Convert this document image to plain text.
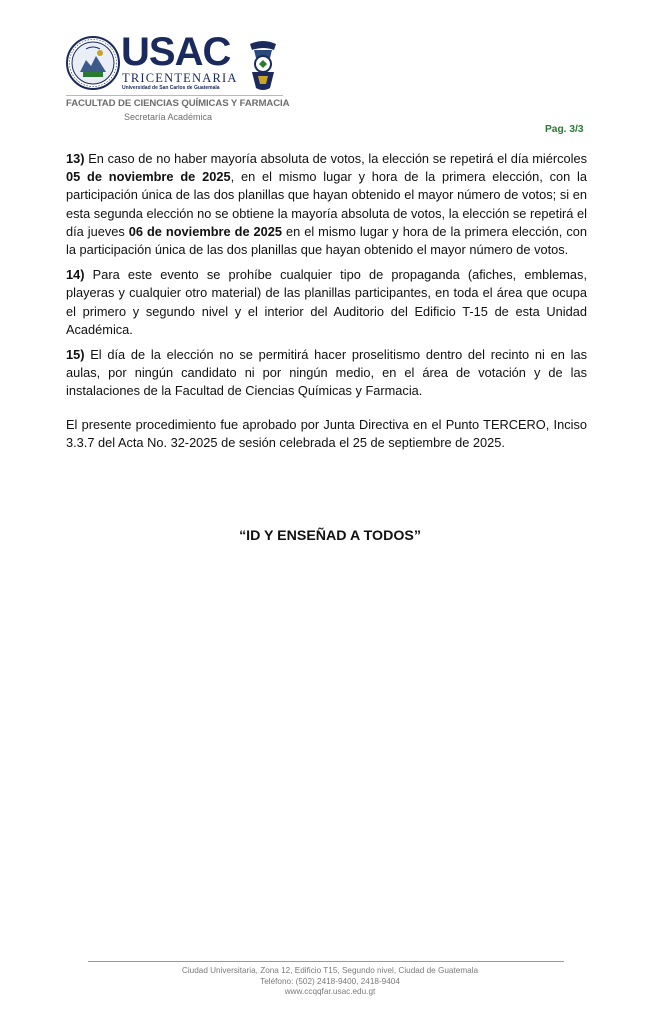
USAC
TRICENTENARIA
Universidad de San Carlos de Guatemala
FACULTAD DE CIENCIAS QUÍMICAS Y FARMACIA
Secretaría Académica
Pag. 3/3

13) En caso de no haber mayoría absoluta de votos, la elección se repetirá el día miércoles 05 de noviembre de 2025, en el mismo lugar y hora de la primera elección, con la participación única de las dos planillas que hayan obtenido el mayor número de votos; si en esta segunda elección no se obtiene la mayoría absoluta de votos, la elección se repetirá el día jueves 06 de noviembre de 2025 en el mismo lugar y hora de la primera elección, con la participación única de las dos planillas que hayan obtenido el mayor número de votos.

14) Para este evento se prohíbe cualquier tipo de propaganda (afiches, emblemas, playeras y cualquier otro material) de las planillas participantes, en toda el área que ocupa el primero y segundo nivel y el interior del Auditorio del Edificio T-15 de esta Unidad Académica.

15) El día de la elección no se permitirá hacer proselitismo dentro del recinto ni en las aulas, por ningún candidato ni por ningún medio, en el área de votación y de las instalaciones de la Facultad de Ciencias Químicas y Farmacia.

El presente procedimiento fue aprobado por Junta Directiva en el Punto TERCERO, Inciso 3.3.7 del Acta No. 32-2025 de sesión celebrada el 25 de septiembre de 2025.

“ID Y ENSEÑAD A TODOS”
Ciudad Universitaria, Zona 12, Edificio T15, Segundo nivel, Ciudad de Guatemala
Teléfono: (502) 2418-9400, 2418-9404
www.ccqqfar.usac.edu.gt
